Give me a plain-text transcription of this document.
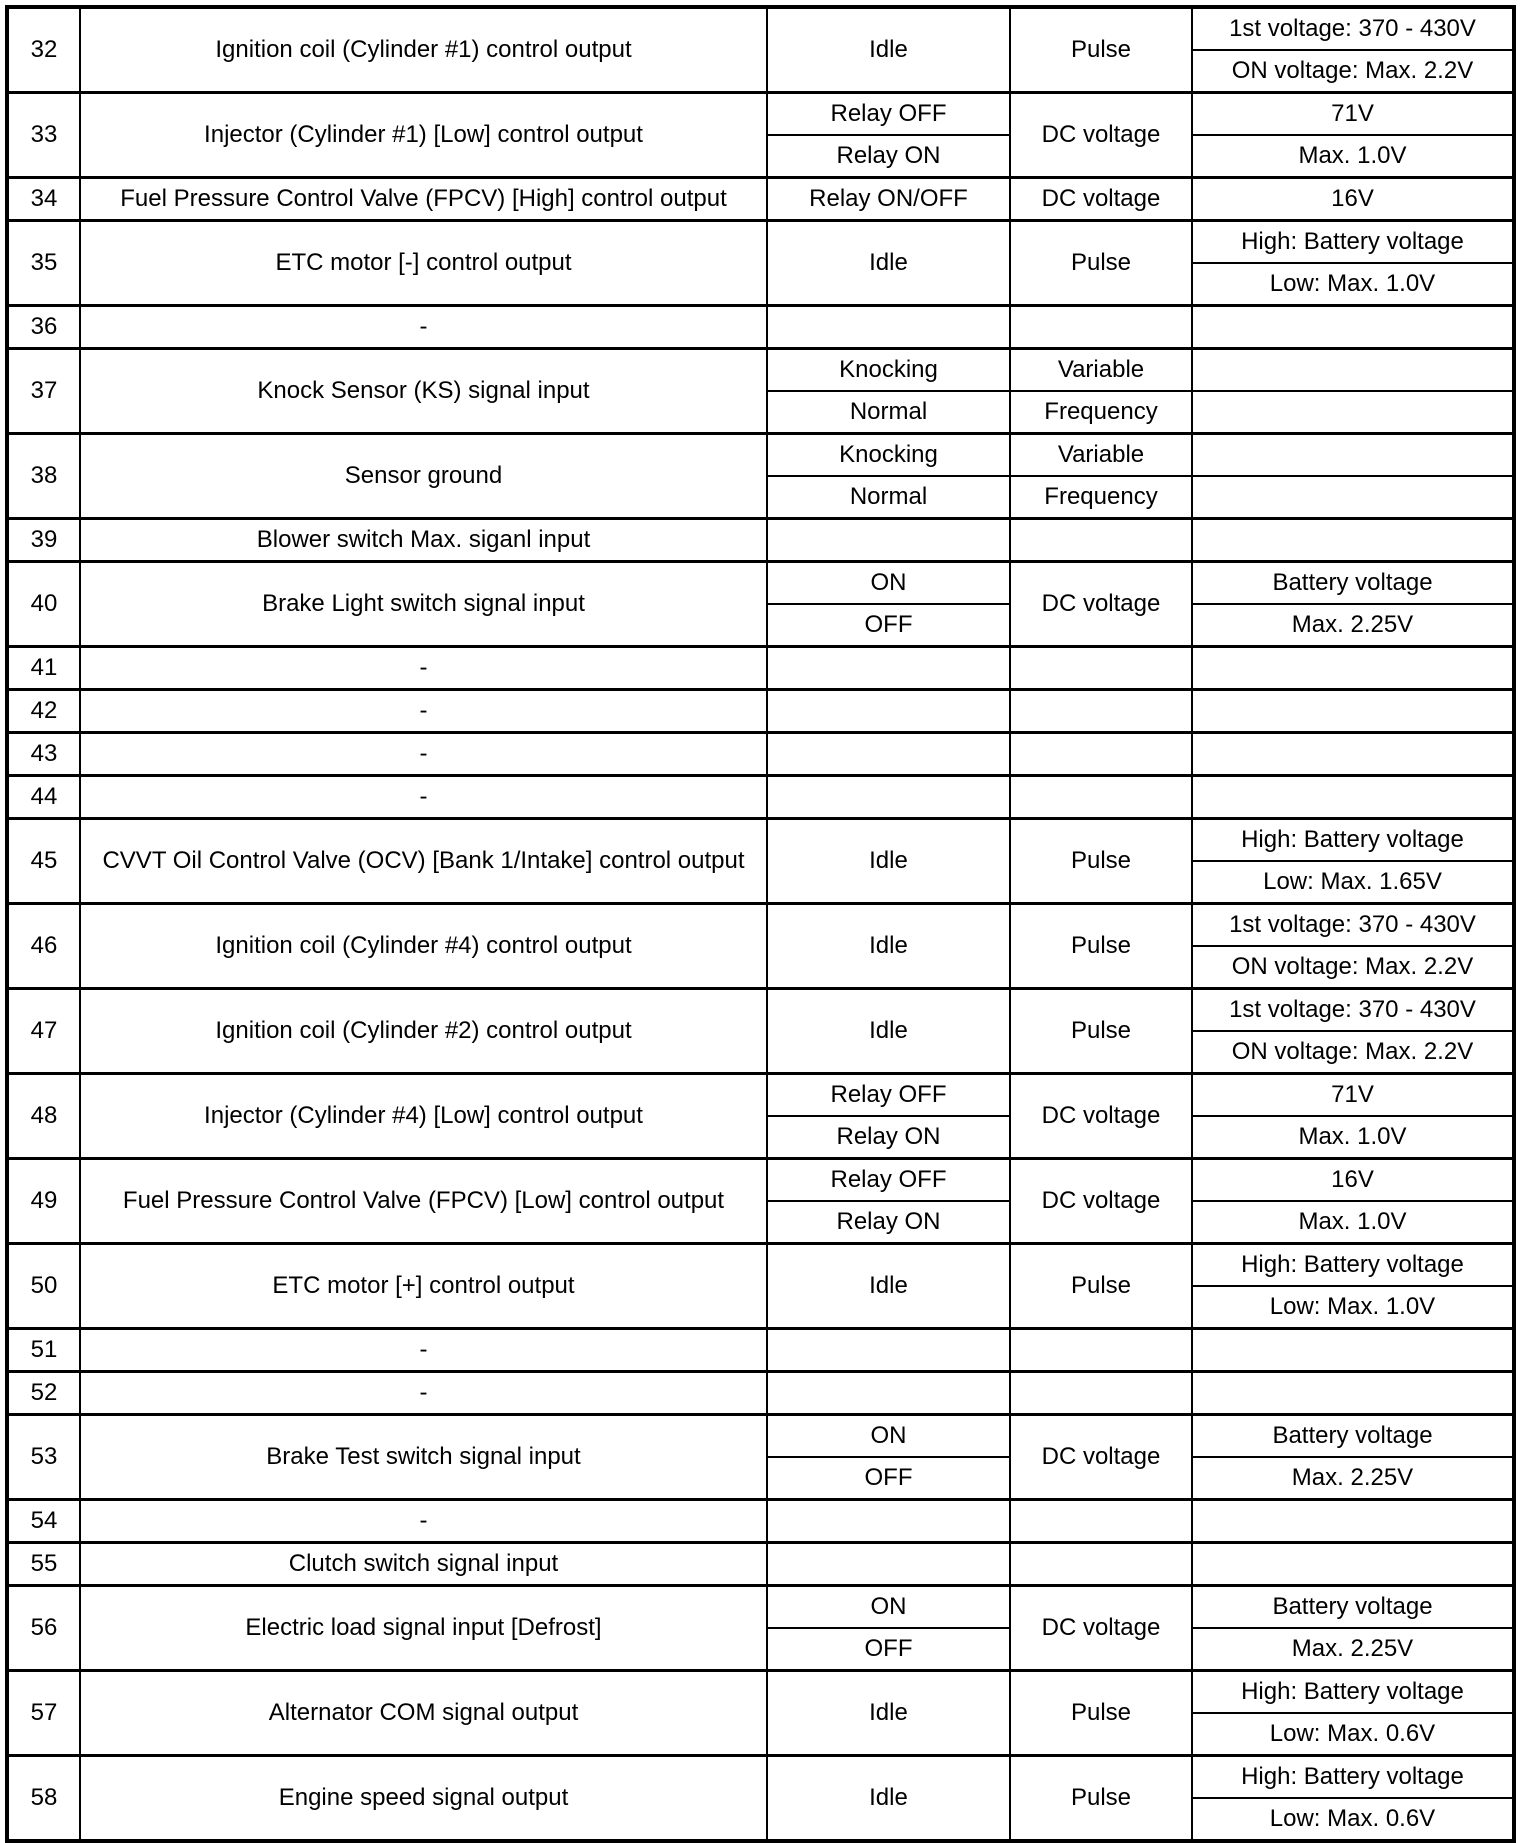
32	Ignition coil (Cylinder #1) control output	Idle	Pulse	1st voltage: 370 - 430V
				ON voltage: Max. 2.2V
33	Injector (Cylinder #1) [Low] control output	Relay OFF	DC voltage	71V
		Relay ON		Max. 1.0V
34	Fuel Pressure Control Valve (FPCV) [High] control output	Relay ON/OFF	DC voltage	16V
35	ETC motor [-] control output	Idle	Pulse	High: Battery voltage
				Low: Max. 1.0V
36	-			
37	Knock Sensor (KS) signal input	Knocking	Variable	
		Normal	Frequency	
38	Sensor ground	Knocking	Variable	
		Normal	Frequency	
39	Blower switch Max. siganl input			
40	Brake Light switch signal input	ON	DC voltage	Battery voltage
		OFF		Max. 2.25V
41	-			
42	-			
43	-			
44	-			
45	CVVT Oil Control Valve (OCV) [Bank 1/Intake] control output	Idle	Pulse	High: Battery voltage
				Low: Max. 1.65V
46	Ignition coil (Cylinder #4) control output	Idle	Pulse	1st voltage: 370 - 430V
				ON voltage: Max. 2.2V
47	Ignition coil (Cylinder #2) control output	Idle	Pulse	1st voltage: 370 - 430V
				ON voltage: Max. 2.2V
48	Injector (Cylinder #4) [Low] control output	Relay OFF	DC voltage	71V
		Relay ON		Max. 1.0V
49	Fuel Pressure Control Valve (FPCV) [Low] control output	Relay OFF	DC voltage	16V
		Relay ON		Max. 1.0V
50	ETC motor [+] control output	Idle	Pulse	High: Battery voltage
				Low: Max. 1.0V
51	-			
52	-			
53	Brake Test switch signal input	ON	DC voltage	Battery voltage
		OFF		Max. 2.25V
54	-			
55	Clutch switch signal input			
56	Electric load signal input [Defrost]	ON	DC voltage	Battery voltage
		OFF		Max. 2.25V
57	Alternator COM signal output	Idle	Pulse	High: Battery voltage
				Low: Max. 0.6V
58	Engine speed signal output	Idle	Pulse	High: Battery voltage
				Low: Max. 0.6V
